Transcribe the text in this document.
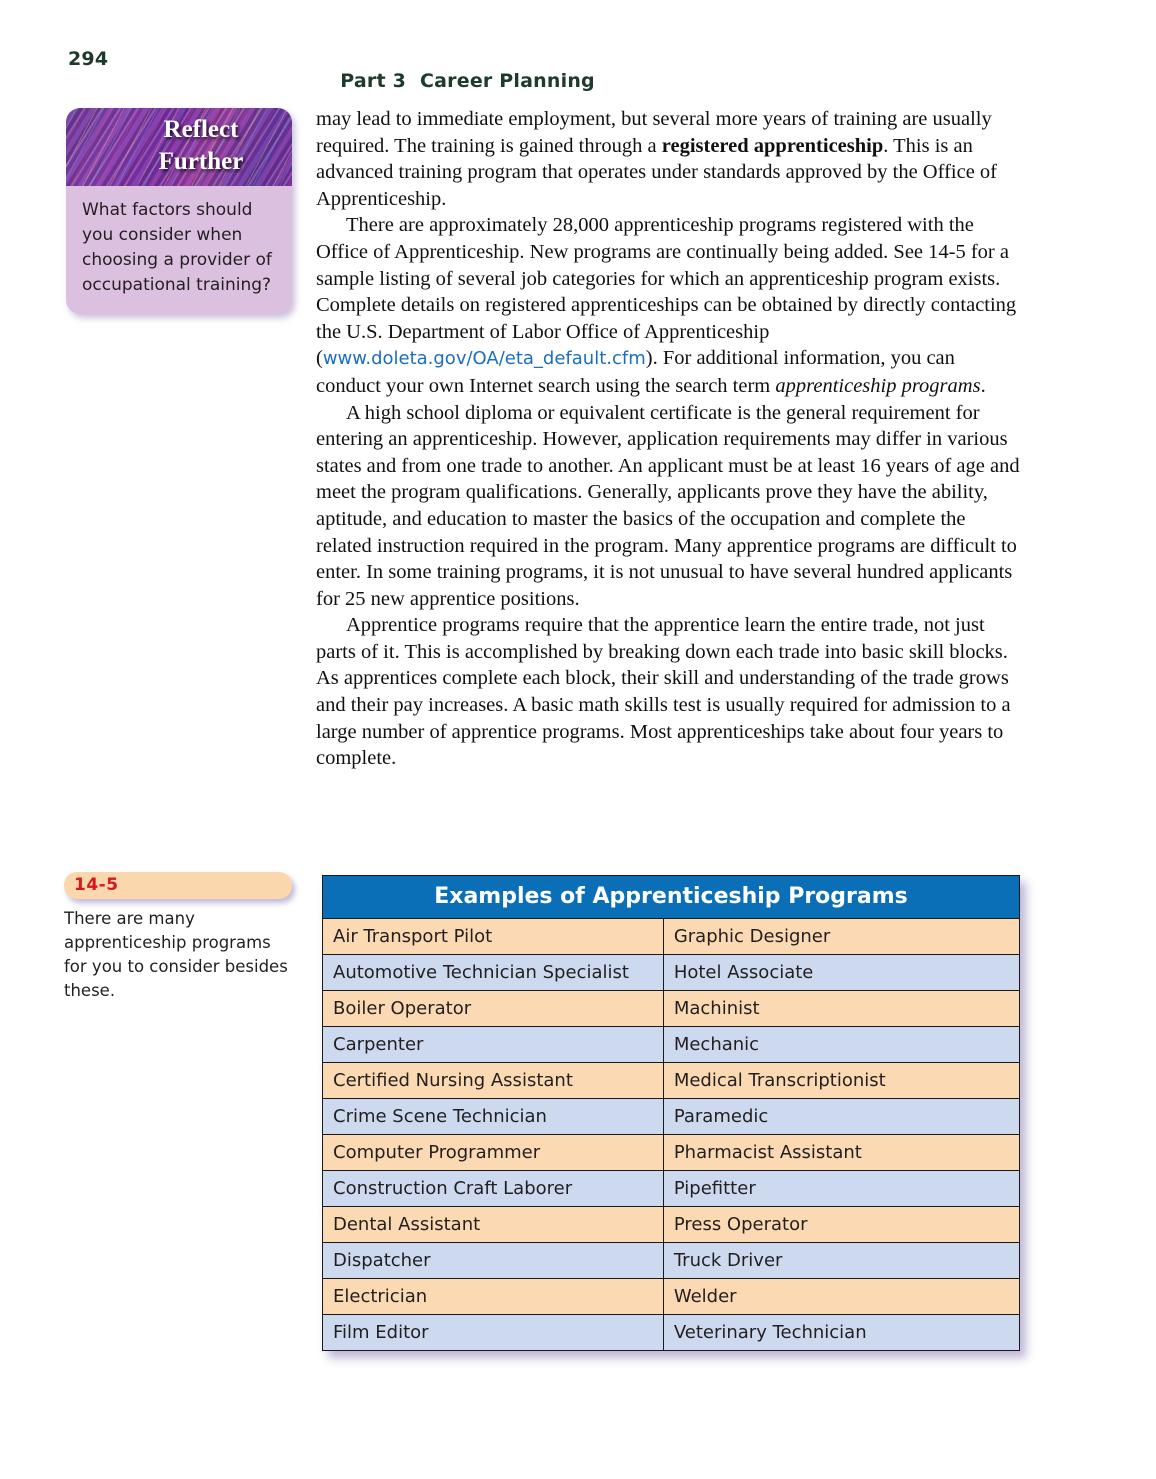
294

Part 3 Career Planning

Reflect
Further
What factors should you consider when choosing a provider of occupational training?

may lead to immediate employment, but several more years of training are usually required. The training is gained through a registered apprenticeship. This is an advanced training program that operates under standards approved by the Office of Apprenticeship.

There are approximately 28,000 apprenticeship programs registered with the Office of Apprenticeship. New programs are continually being added. See 14-5 for a sample listing of several job categories for which an apprenticeship program exists. Complete details on registered apprenticeships can be obtained by directly contacting the U.S. Department of Labor Office of Apprenticeship (www.doleta.gov/OA/eta_default.cfm). For additional information, you can conduct your own Internet search using the search term apprenticeship programs.

A high school diploma or equivalent certificate is the general requirement for entering an apprenticeship. However, application requirements may differ in various states and from one trade to another. An applicant must be at least 16 years of age and meet the program qualifications. Generally, applicants prove they have the ability, aptitude, and education to master the basics of the occupation and complete the related instruction required in the program. Many apprentice programs are difficult to enter. In some training programs, it is not unusual to have several hundred applicants for 25 new apprentice positions.

Apprentice programs require that the apprentice learn the entire trade, not just parts of it. This is accomplished by breaking down each trade into basic skill blocks. As apprentices complete each block, their skill and understanding of the trade grows and their pay increases. A basic math skills test is usually required for admission to a large number of apprentice programs. Most apprenticeships take about four years to complete.

14-5
There are many apprenticeship programs for you to consider besides these.
Examples of Apprenticeship Programs	
Air Transport Pilot	Graphic Designer
Automotive Technician Specialist	Hotel Associate
Boiler Operator	Machinist
Carpenter	Mechanic
Certified Nursing Assistant	Medical Transcriptionist
Crime Scene Technician	Paramedic
Computer Programmer	Pharmacist Assistant
Construction Craft Laborer	Pipefitter
Dental Assistant	Press Operator
Dispatcher	Truck Driver
Electrician	Welder
Film Editor	Veterinary Technician
